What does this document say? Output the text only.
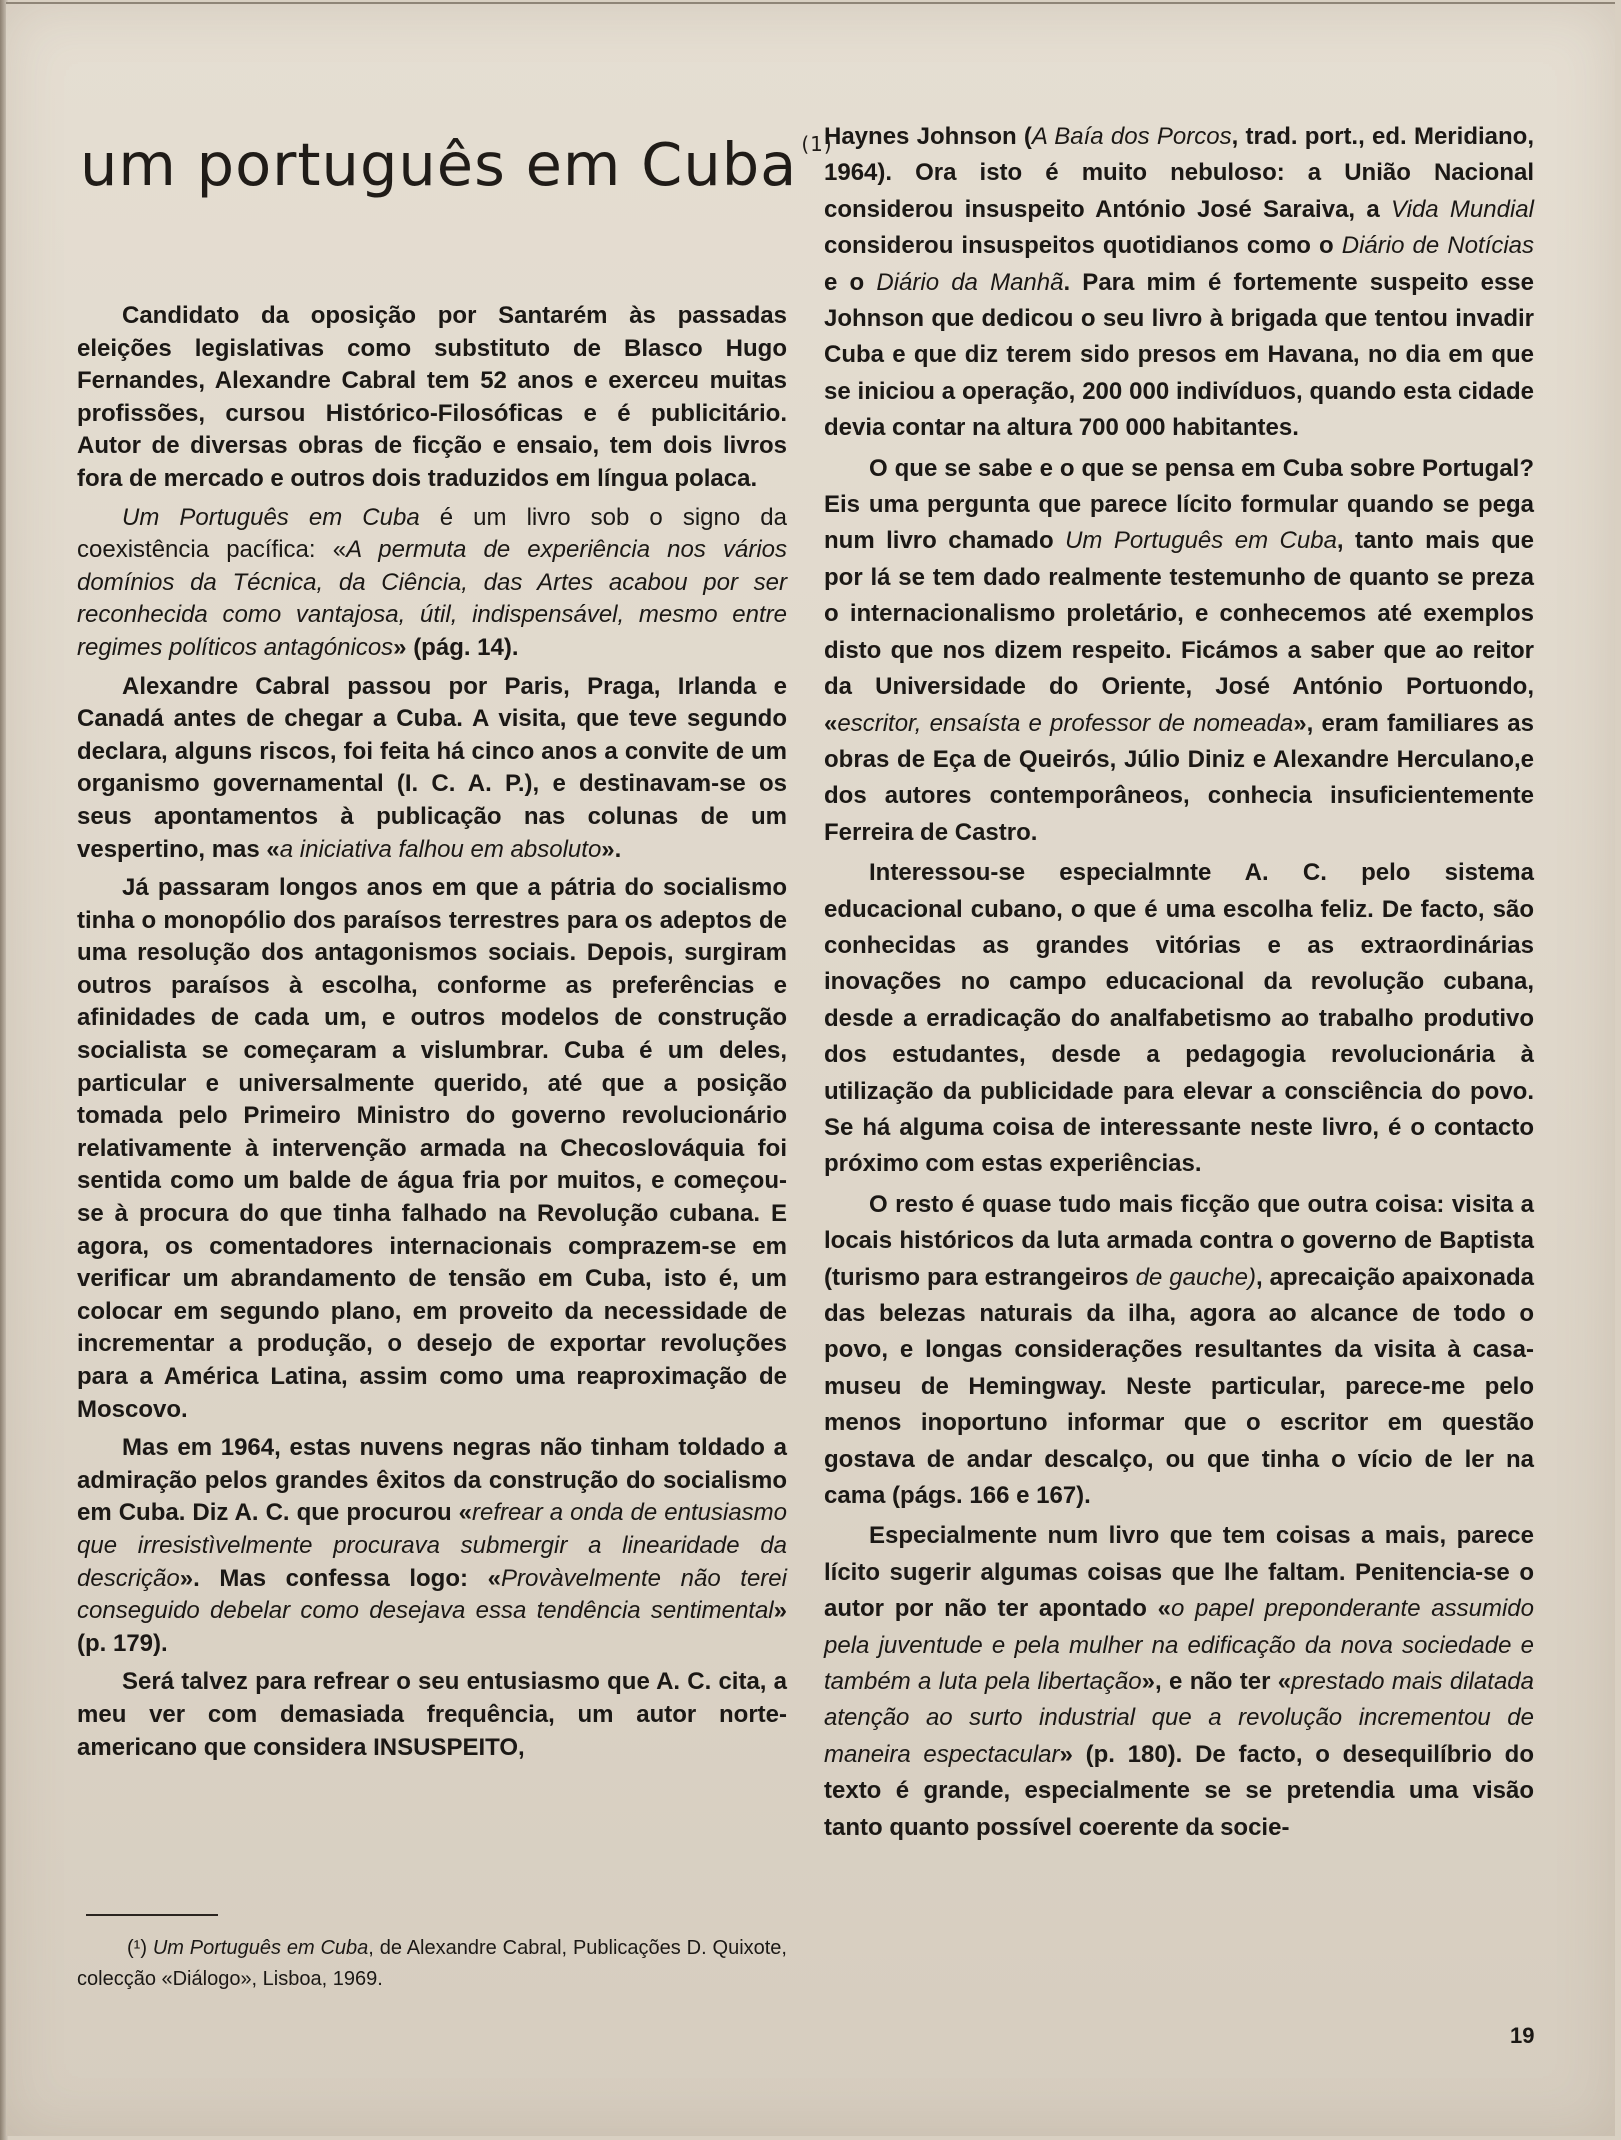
um português em Cuba $^{(1)}$

Candidato da oposição por Santarém às passadas eleições legislativas como substituto de Blasco Hugo Fernandes, Alexandre Cabral tem 52 anos e exerceu muitas profissões, cursou Histórico-Filosóficas e é publicitário. Autor de diversas obras de ficção e ensaio, tem dois livros fora de mercado e outros dois traduzidos em língua polaca.

Um Português em Cuba é um livro sob o signo da coexistência pacífica: «A permuta de experiência nos vários domínios da Técnica, da Ciência, das Artes acabou por ser reconhecida como vantajosa, útil, indispensável, mesmo entre regimes políticos antagónicos» (pág. 14).

Alexandre Cabral passou por Paris, Praga, Irlanda e Canadá antes de chegar a Cuba. A visita, que teve segundo declara, alguns riscos, foi feita há cinco anos a convite de um organismo governamental (I. C. A. P.), e destinavam-se os seus apontamentos à publicação nas colunas de um vespertino, mas «a iniciativa falhou em absoluto».

Já passaram longos anos em que a pátria do socialismo tinha o monopólio dos paraísos terrestres para os adeptos de uma resolução dos antagonismos sociais. Depois, surgiram outros paraísos à escolha, conforme as preferências e afinidades de cada um, e outros modelos de construção socialista se começaram a vislumbrar. Cuba é um deles, particular e universalmente querido, até que a posição tomada pelo Primeiro Ministro do governo revolucionário relativamente à intervenção armada na Checoslováquia foi sentida como um balde de água fria por muitos, e começou-se à procura do que tinha falhado na Revolução cubana. E agora, os comentadores internacionais comprazem-se em verificar um abrandamento de tensão em Cuba, isto é, um colocar em segundo plano, em proveito da necessidade de incrementar a produção, o desejo de exportar revoluções para a América Latina, assim como uma reaproximação de Moscovo.

Mas em 1964, estas nuvens negras não tinham toldado a admiração pelos grandes êxitos da construção do socialismo em Cuba. Diz A. C. que procurou «refrear a onda de entusiasmo que irresistìvelmente procurava submergir a linearidade da descrição». Mas confessa logo: «Provàvelmente não terei conseguido debelar como desejava essa tendência sentimental» (p. 179).

Será talvez para refrear o seu entusiasmo que A. C. cita, a meu ver com demasiada frequência, um autor norte-americano que considera INSUSPEITO,

(¹) Um Português em Cuba, de Alexandre Cabral, Publicações D. Quixote, colecção «Diálogo», Lisboa, 1969.

Haynes Johnson (A Baía dos Porcos, trad. port., ed. Meridiano, 1964). Ora isto é muito nebuloso: a União Nacional considerou insuspeito António José Saraiva, a Vida Mundial considerou insuspeitos quotidianos como o Diário de Notícias e o Diário da Manhã. Para mim é fortemente suspeito esse Johnson que dedicou o seu livro à brigada que tentou invadir Cuba e que diz terem sido presos em Havana, no dia em que se iniciou a operação, 200 000 indivíduos, quando esta cidade devia contar na altura 700 000 habitantes.

O que se sabe e o que se pensa em Cuba sobre Portugal? Eis uma pergunta que parece lícito formular quando se pega num livro chamado Um Português em Cuba, tanto mais que por lá se tem dado realmente testemunho de quanto se preza o internacionalismo proletário, e conhecemos até exemplos disto que nos dizem respeito. Ficámos a saber que ao reitor da Universidade do Oriente, José António Portuondo, «escritor, ensaísta e professor de nomeada», eram familiares as obras de Eça de Queirós, Júlio Diniz e Alexandre Herculano,e dos autores contemporâneos, conhecia insuficientemente Ferreira de Castro.

Interessou-se especialmnte A. C. pelo sistema educacional cubano, o que é uma escolha feliz. De facto, são conhecidas as grandes vitórias e as extraordinárias inovações no campo educacional da revolução cubana, desde a erradicação do analfabetismo ao trabalho produtivo dos estudantes, desde a pedagogia revolucionária à utilização da publicidade para elevar a consciência do povo. Se há alguma coisa de interessante neste livro, é o contacto próximo com estas experiências.

O resto é quase tudo mais ficção que outra coisa: visita a locais históricos da luta armada contra o governo de Baptista (turismo para estrangeiros de gauche), aprecaição apaixonada das belezas naturais da ilha, agora ao alcance de todo o povo, e longas considerações resultantes da visita à casa-museu de Hemingway. Neste particular, parece-me pelo menos inoportuno informar que o escritor em questão gostava de andar descalço, ou que tinha o vício de ler na cama (págs. 166 e 167).

Especialmente num livro que tem coisas a mais, parece lícito sugerir algumas coisas que lhe faltam. Penitencia-se o autor por não ter apontado «o papel preponderante assumido pela juventude e pela mulher na edificação da nova sociedade e também a luta pela libertação», e não ter «prestado mais dilatada atenção ao surto industrial que a revolução incrementou de maneira espectacular» (p. 180). De facto, o desequilíbrio do texto é grande, especialmente se se pretendia uma visão tanto quanto possível coerente da socie-

19
